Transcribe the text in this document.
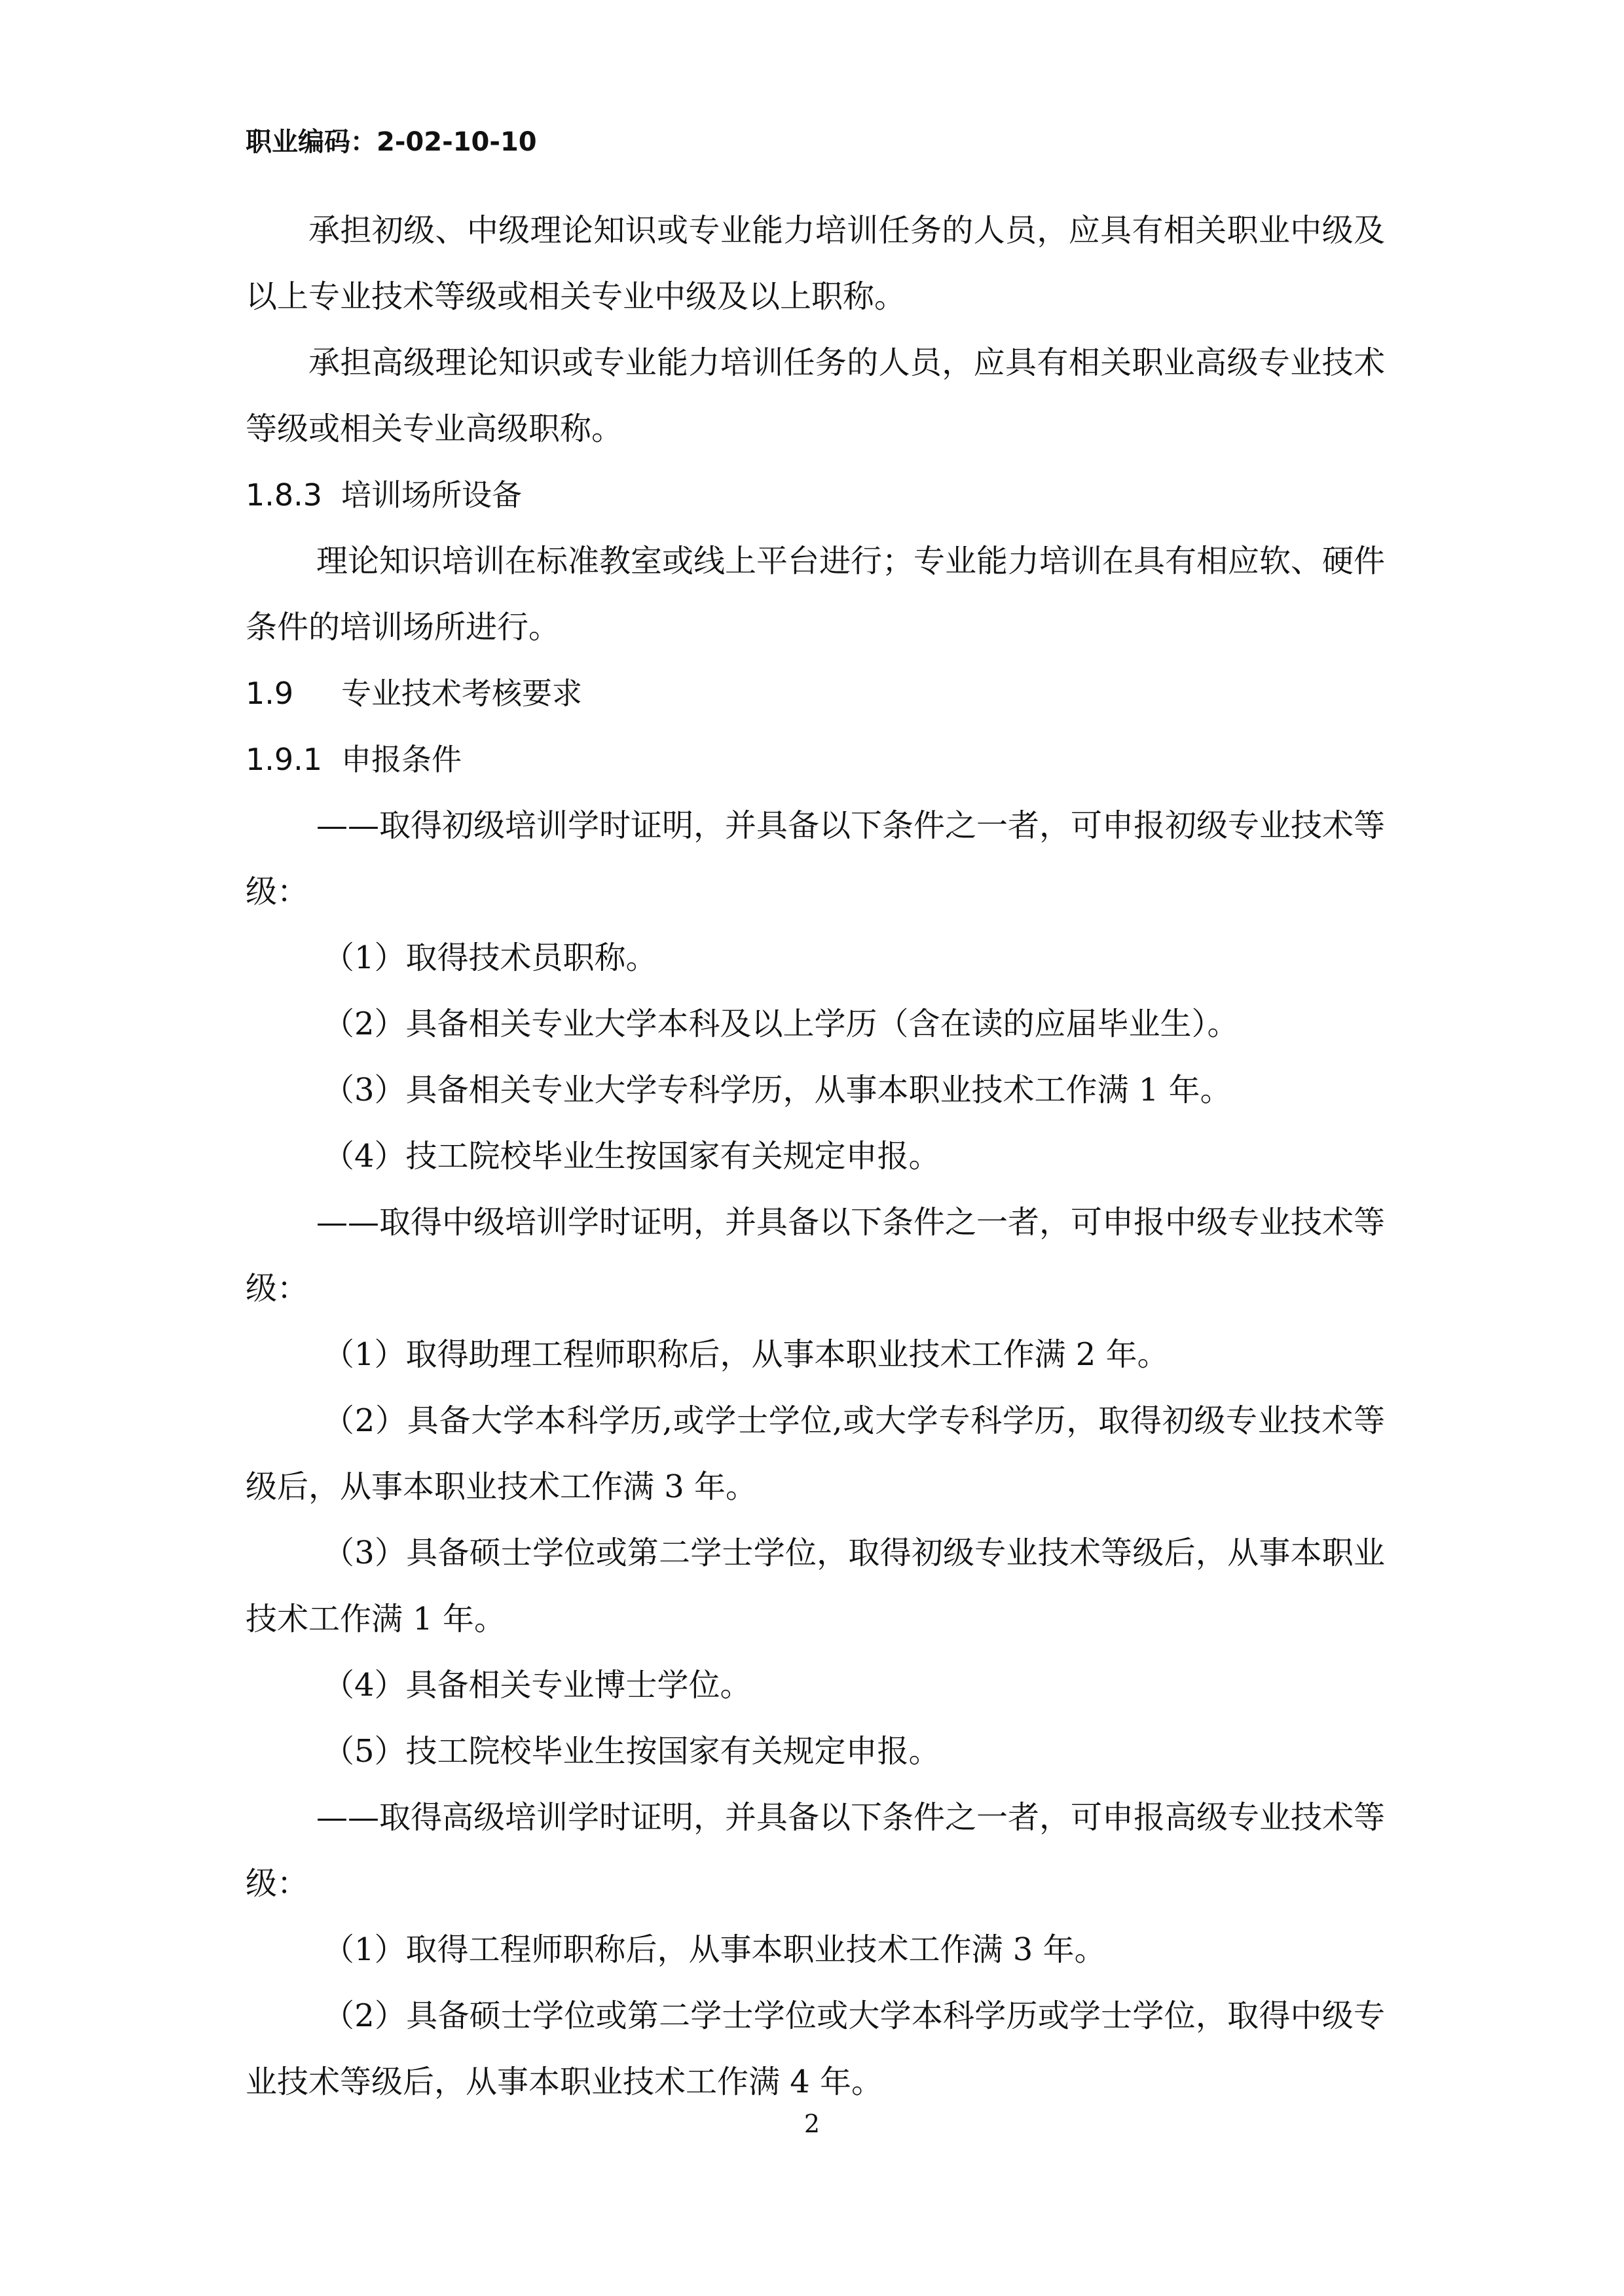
职业编码：2-02-10-10

承担初级、中级理论知识或专业能力培训任务的人员，应具有相关职业中级及以上专业技术等级或相关专业中级及以上职称。

承担高级理论知识或专业能力培训任务的人员，应具有相关职业高级专业技术等级或相关专业高级职称。

1.8.3 培训场所设备

理论知识培训在标准教室或线上平台进行；专业能力培训在具有相应软、硬件条件的培训场所进行。

1.9 专业技术考核要求

1.9.1 申报条件

——取得初级培训学时证明，并具备以下条件之一者，可申报初级专业技术等级：

（1）取得技术员职称。

（2）具备相关专业大学本科及以上学历（含在读的应届毕业生）。

（3）具备相关专业大学专科学历，从事本职业技术工作满 1 年。

（4）技工院校毕业生按国家有关规定申报。

——取得中级培训学时证明，并具备以下条件之一者，可申报中级专业技术等级：

（1）取得助理工程师职称后，从事本职业技术工作满 2 年。

（2）具备大学本科学历,或学士学位,或大学专科学历，取得初级专业技术等级后，从事本职业技术工作满 3 年。

（3）具备硕士学位或第二学士学位，取得初级专业技术等级后，从事本职业技术工作满 1 年。

（4）具备相关专业博士学位。

（5）技工院校毕业生按国家有关规定申报。

——取得高级培训学时证明，并具备以下条件之一者，可申报高级专业技术等级：

（1）取得工程师职称后，从事本职业技术工作满 3 年。

（2）具备硕士学位或第二学士学位或大学本科学历或学士学位，取得中级专业技术等级后，从事本职业技术工作满 4 年。

2
